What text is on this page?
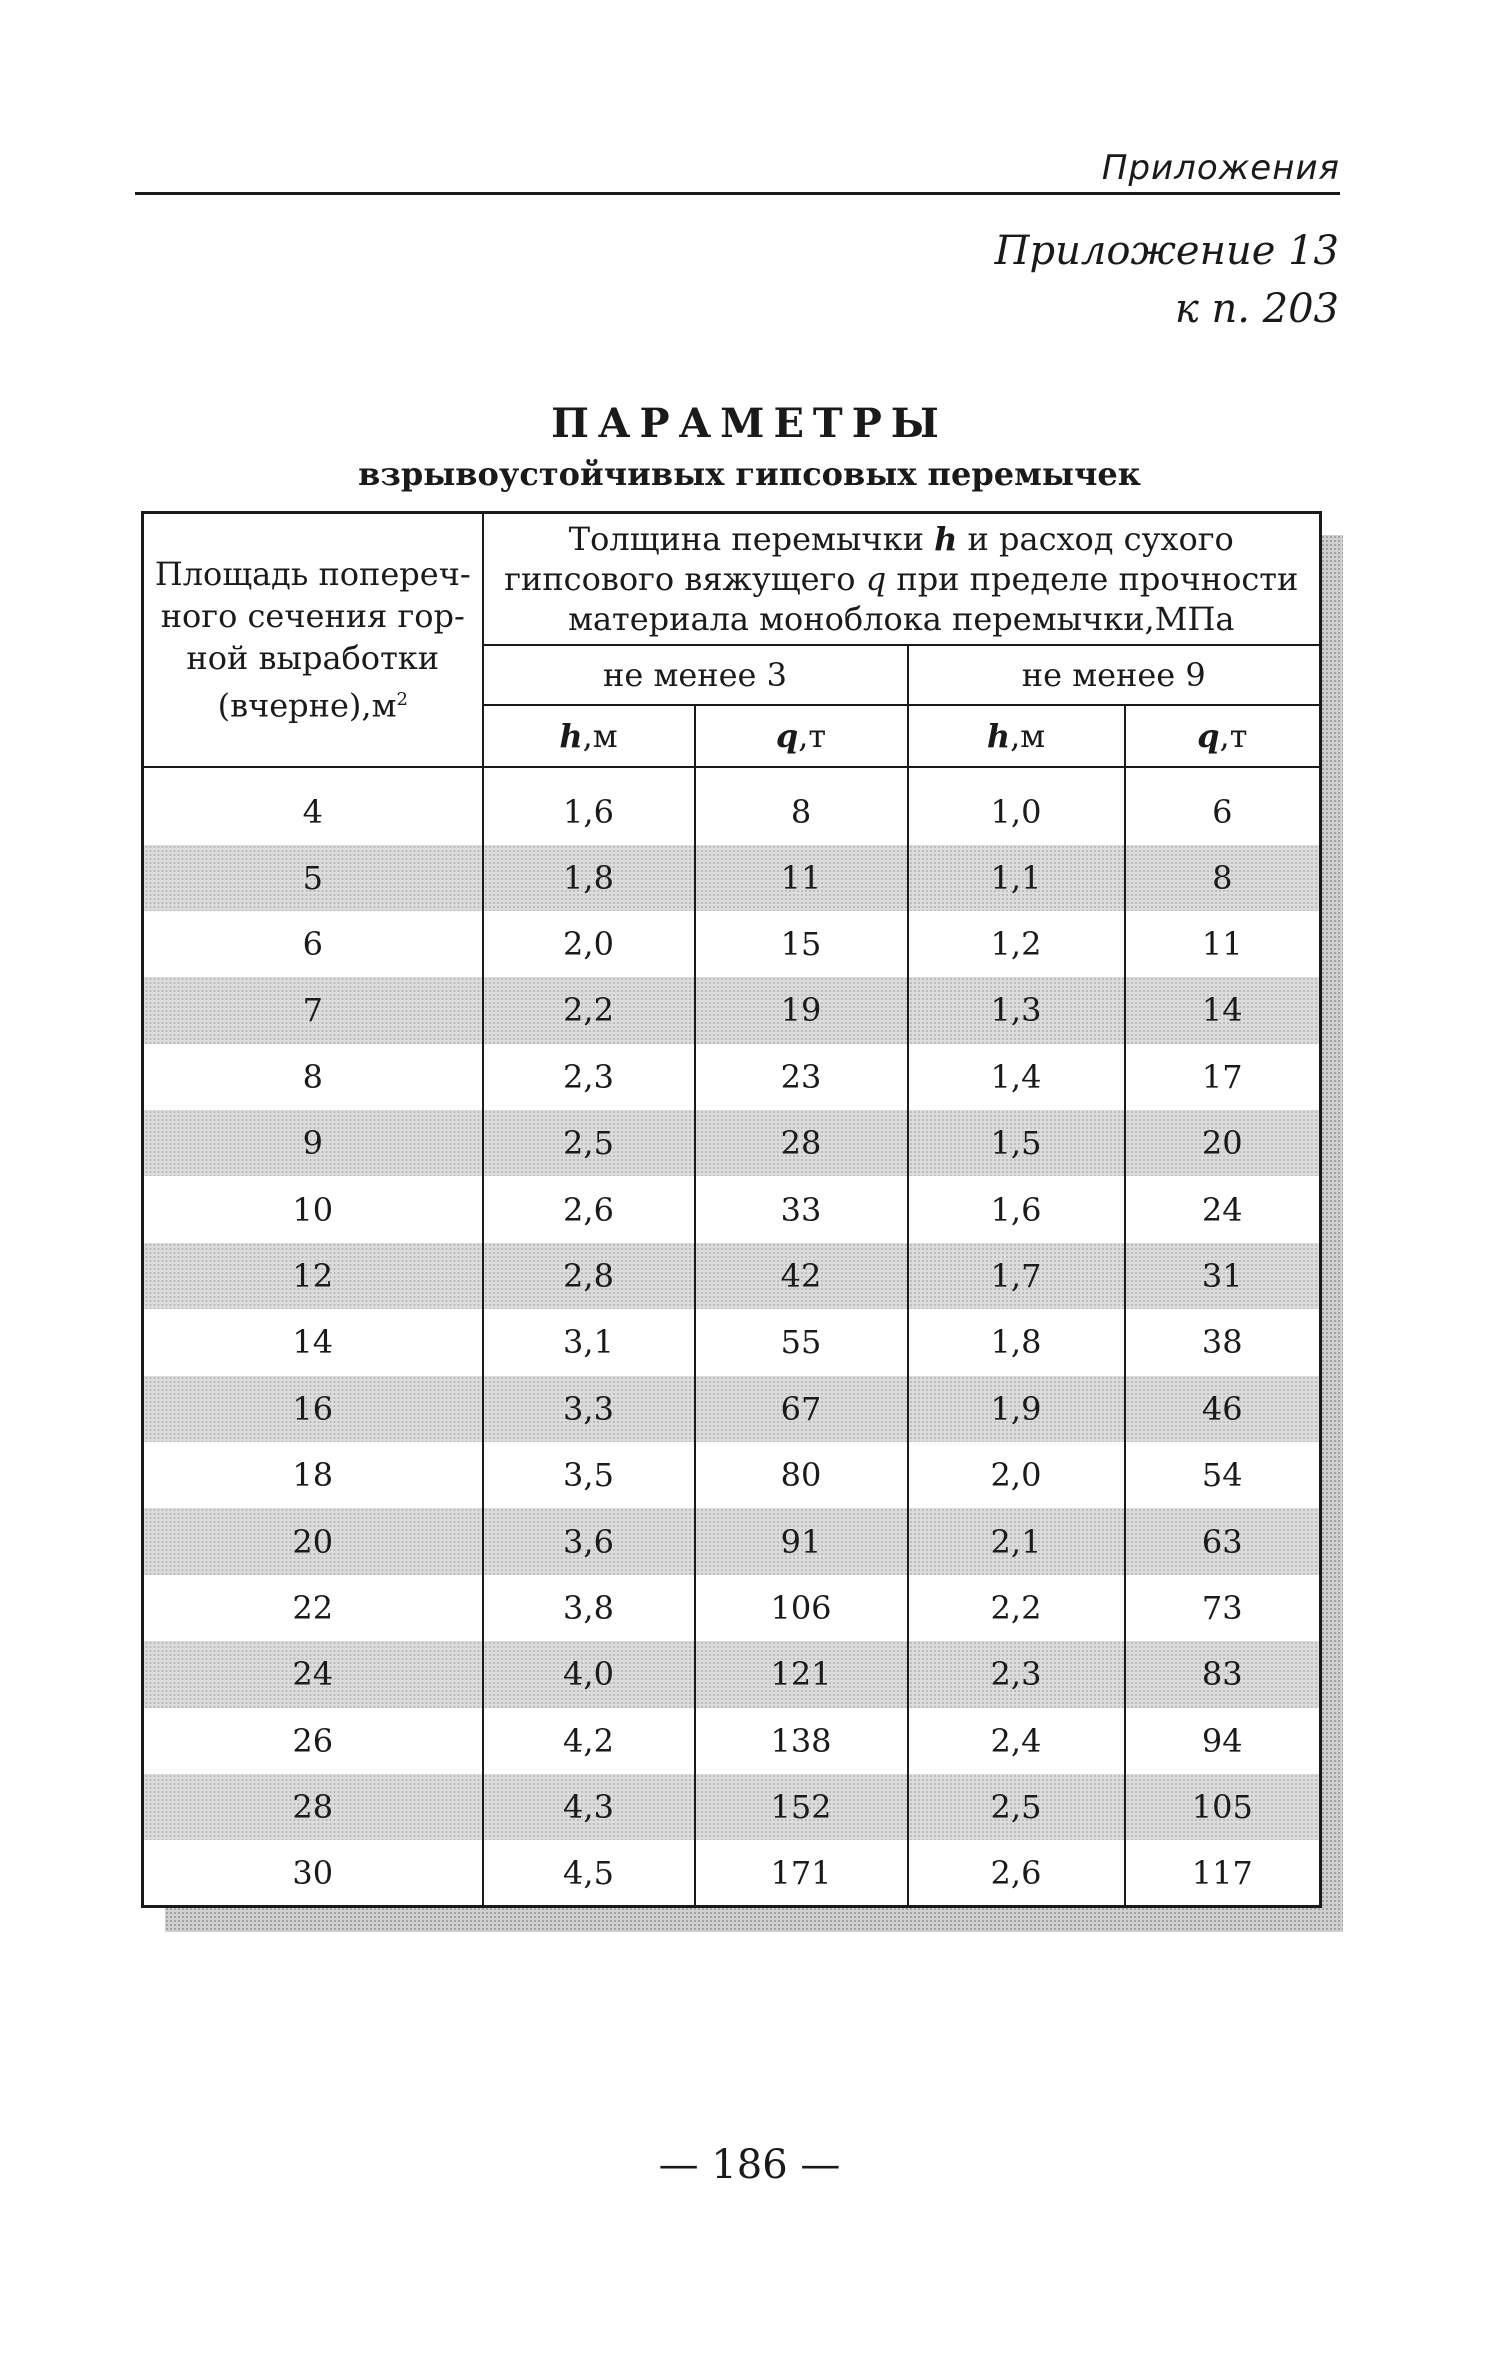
Приложения
Приложение 13
к п. 203
ПАРАМЕТРЫ
взрывоустойчивых гипсовых перемычек
Площадь попереч-
ного сечения гор-
ной выработки
$(вчерне),м^2$	Толщина перемычки h и расход сухого
гипсового вяжущего q при пределе прочности
материала моноблока перемычки,МПа			
	не менее 3		не менее 9	
	h,м	q,т	h,м	q,т
4	1,6	8	1,0	6
5	1,8	11	1,1	8
6	2,0	15	1,2	11
7	2,2	19	1,3	14
8	2,3	23	1,4	17
9	2,5	28	1,5	20
10	2,6	33	1,6	24
12	2,8	42	1,7	31
14	3,1	55	1,8	38
16	3,3	67	1,9	46
18	3,5	80	2,0	54
20	3,6	91	2,1	63
22	3,8	106	2,2	73
24	4,0	121	2,3	83
26	4,2	138	2,4	94
28	4,3	152	2,5	105
30	4,5	171	2,6	117
— 186 —
